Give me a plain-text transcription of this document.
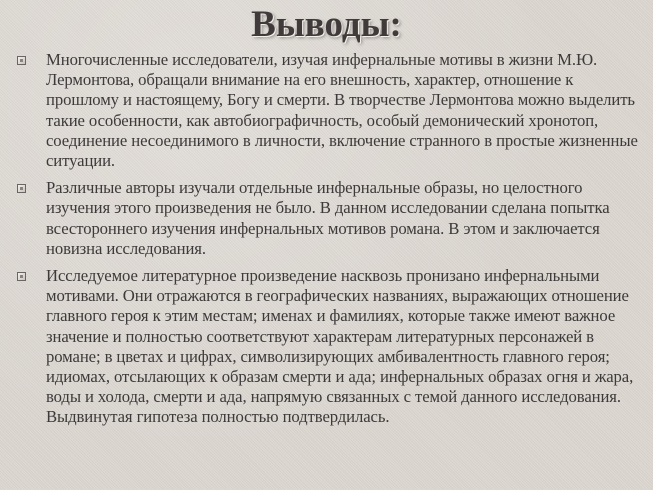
Выводы:
Многочисленные исследователи, изучая инфернальные мотивы в жизни М.Ю. Лермонтова, обращали внимание на его внешность, характер, отношение к прошлому и настоящему, Богу и смерти. В творчестве Лермонтова можно выделить такие особенности, как автобиографичность, особый демонический хронотоп, соединение несоединимого в личности, включение странного в простые жизненные ситуации.
Различные авторы изучали отдельные инфернальные образы, но целостного изучения этого произведения не было. В данном исследовании сделана попытка всестороннего изучения инфернальных мотивов романа. В этом и заключается новизна исследования.
Исследуемое литературное произведение насквозь пронизано инфернальными мотивами. Они отражаются в географических названиях, выражающих отношение главного героя к этим местам; именах и фамилиях, которые также имеют важное значение и полностью соответствуют характерам литературных персонажей в романе; в цветах и цифрах, символизирующих амбивалентность главного героя; идиомах, отсылающих к образам смерти и ада; инфернальных образах огня и жара, воды и холода, смерти и ада, напрямую связанных с темой данного исследования. Выдвинутая гипотеза полностью подтвердилась.
